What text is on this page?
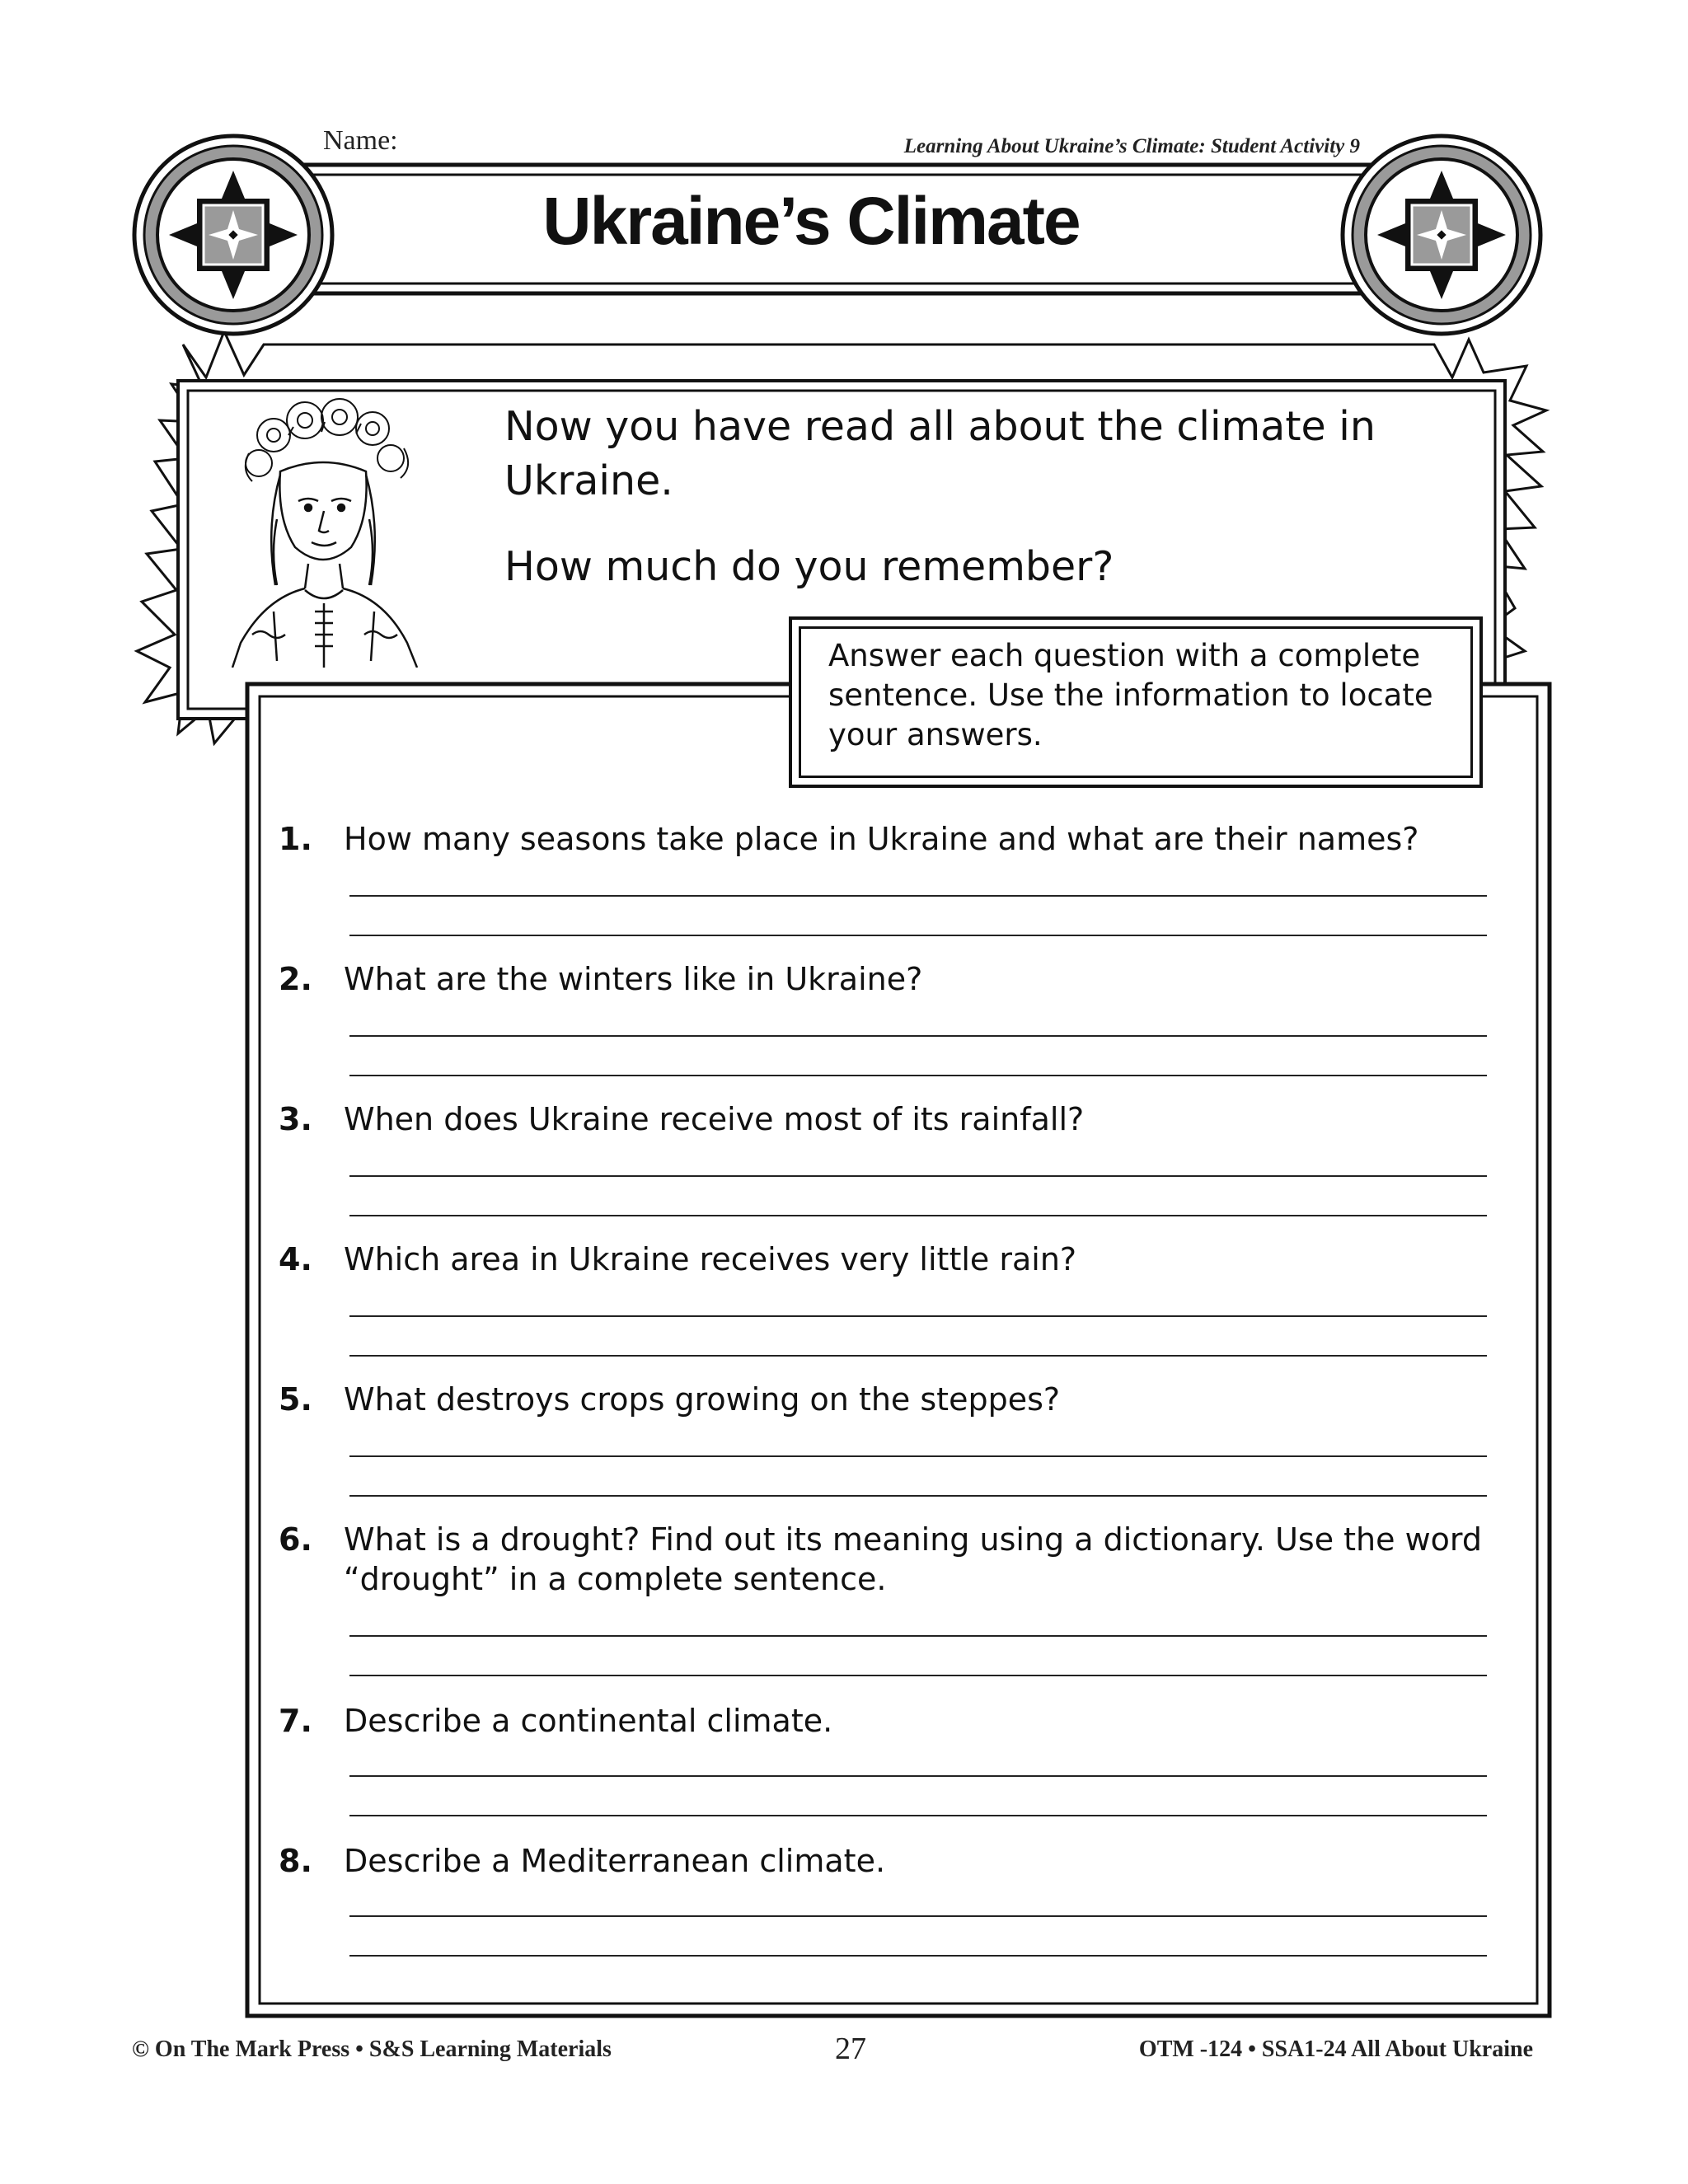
Name:	Learning About Ukraine’s Climate: Student Activity 9
Ukraine’s Climate
Now you have read all about the climate in
Ukraine.
How much do you remember?
Answer each question with a complete
sentence. Use the information to locate
your answers.
1. How many seasons take place in Ukraine and what are their names?
2. What are the winters like in Ukraine?
3. When does Ukraine receive most of its rainfall?
4. Which area in Ukraine receives very little rain?
5. What destroys crops growing on the steppes?
6. What is a drought? Find out its meaning using a dictionary. Use the word
“drought” in a complete sentence.
7. Describe a continental climate.
8. Describe a Mediterranean climate.
© On The Mark Press • S&S Learning Materials	27	OTM -124 • SSA1-24 All About Ukraine
